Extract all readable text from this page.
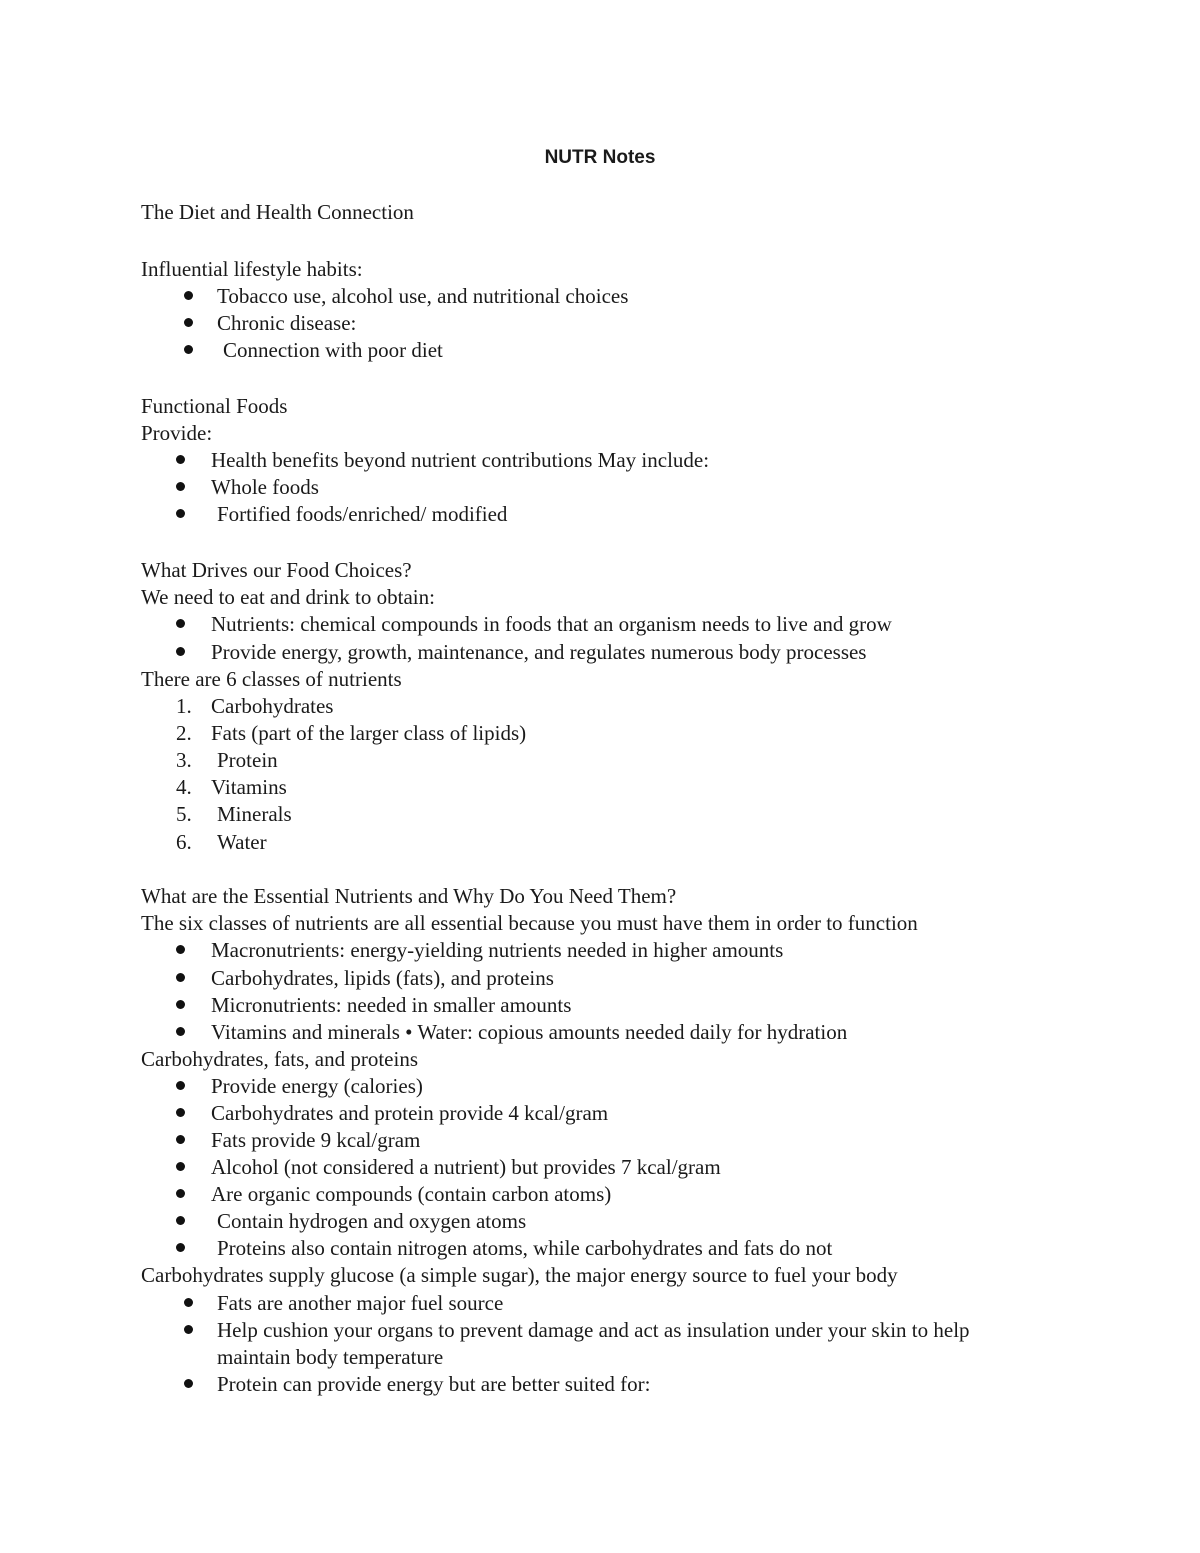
NUTR Notes
The Diet and Health Connection
Influential lifestyle habits:
Tobacco use, alcohol use, and nutritional choices
Chronic disease:
Connection with poor diet
Functional Foods
Provide:
Health benefits beyond nutrient contributions May include:
Whole foods
Fortified foods/enriched/ modified
What Drives our Food Choices?
We need to eat and drink to obtain:
Nutrients: chemical compounds in foods that an organism needs to live and grow
Provide energy, growth, maintenance, and regulates numerous body processes
There are 6 classes of nutrients
1. Carbohydrates
2. Fats (part of the larger class of lipids)
3. Protein
4. Vitamins
5. Minerals
6. Water
What are the Essential Nutrients and Why Do You Need Them?
The six classes of nutrients are all essential because you must have them in order to function
Macronutrients: energy-yielding nutrients needed in higher amounts
Carbohydrates, lipids (fats), and proteins
Micronutrients: needed in smaller amounts
Vitamins and minerals • Water: copious amounts needed daily for hydration
Carbohydrates, fats, and proteins
Provide energy (calories)
Carbohydrates and protein provide 4 kcal/gram
Fats provide 9 kcal/gram
Alcohol (not considered a nutrient) but provides 7 kcal/gram
Are organic compounds (contain carbon atoms)
Contain hydrogen and oxygen atoms
Proteins also contain nitrogen atoms, while carbohydrates and fats do not
Carbohydrates supply glucose (a simple sugar), the major energy source to fuel your body
Fats are another major fuel source
Help cushion your organs to prevent damage and act as insulation under your skin to help maintain body temperature
Protein can provide energy but are better suited for:
